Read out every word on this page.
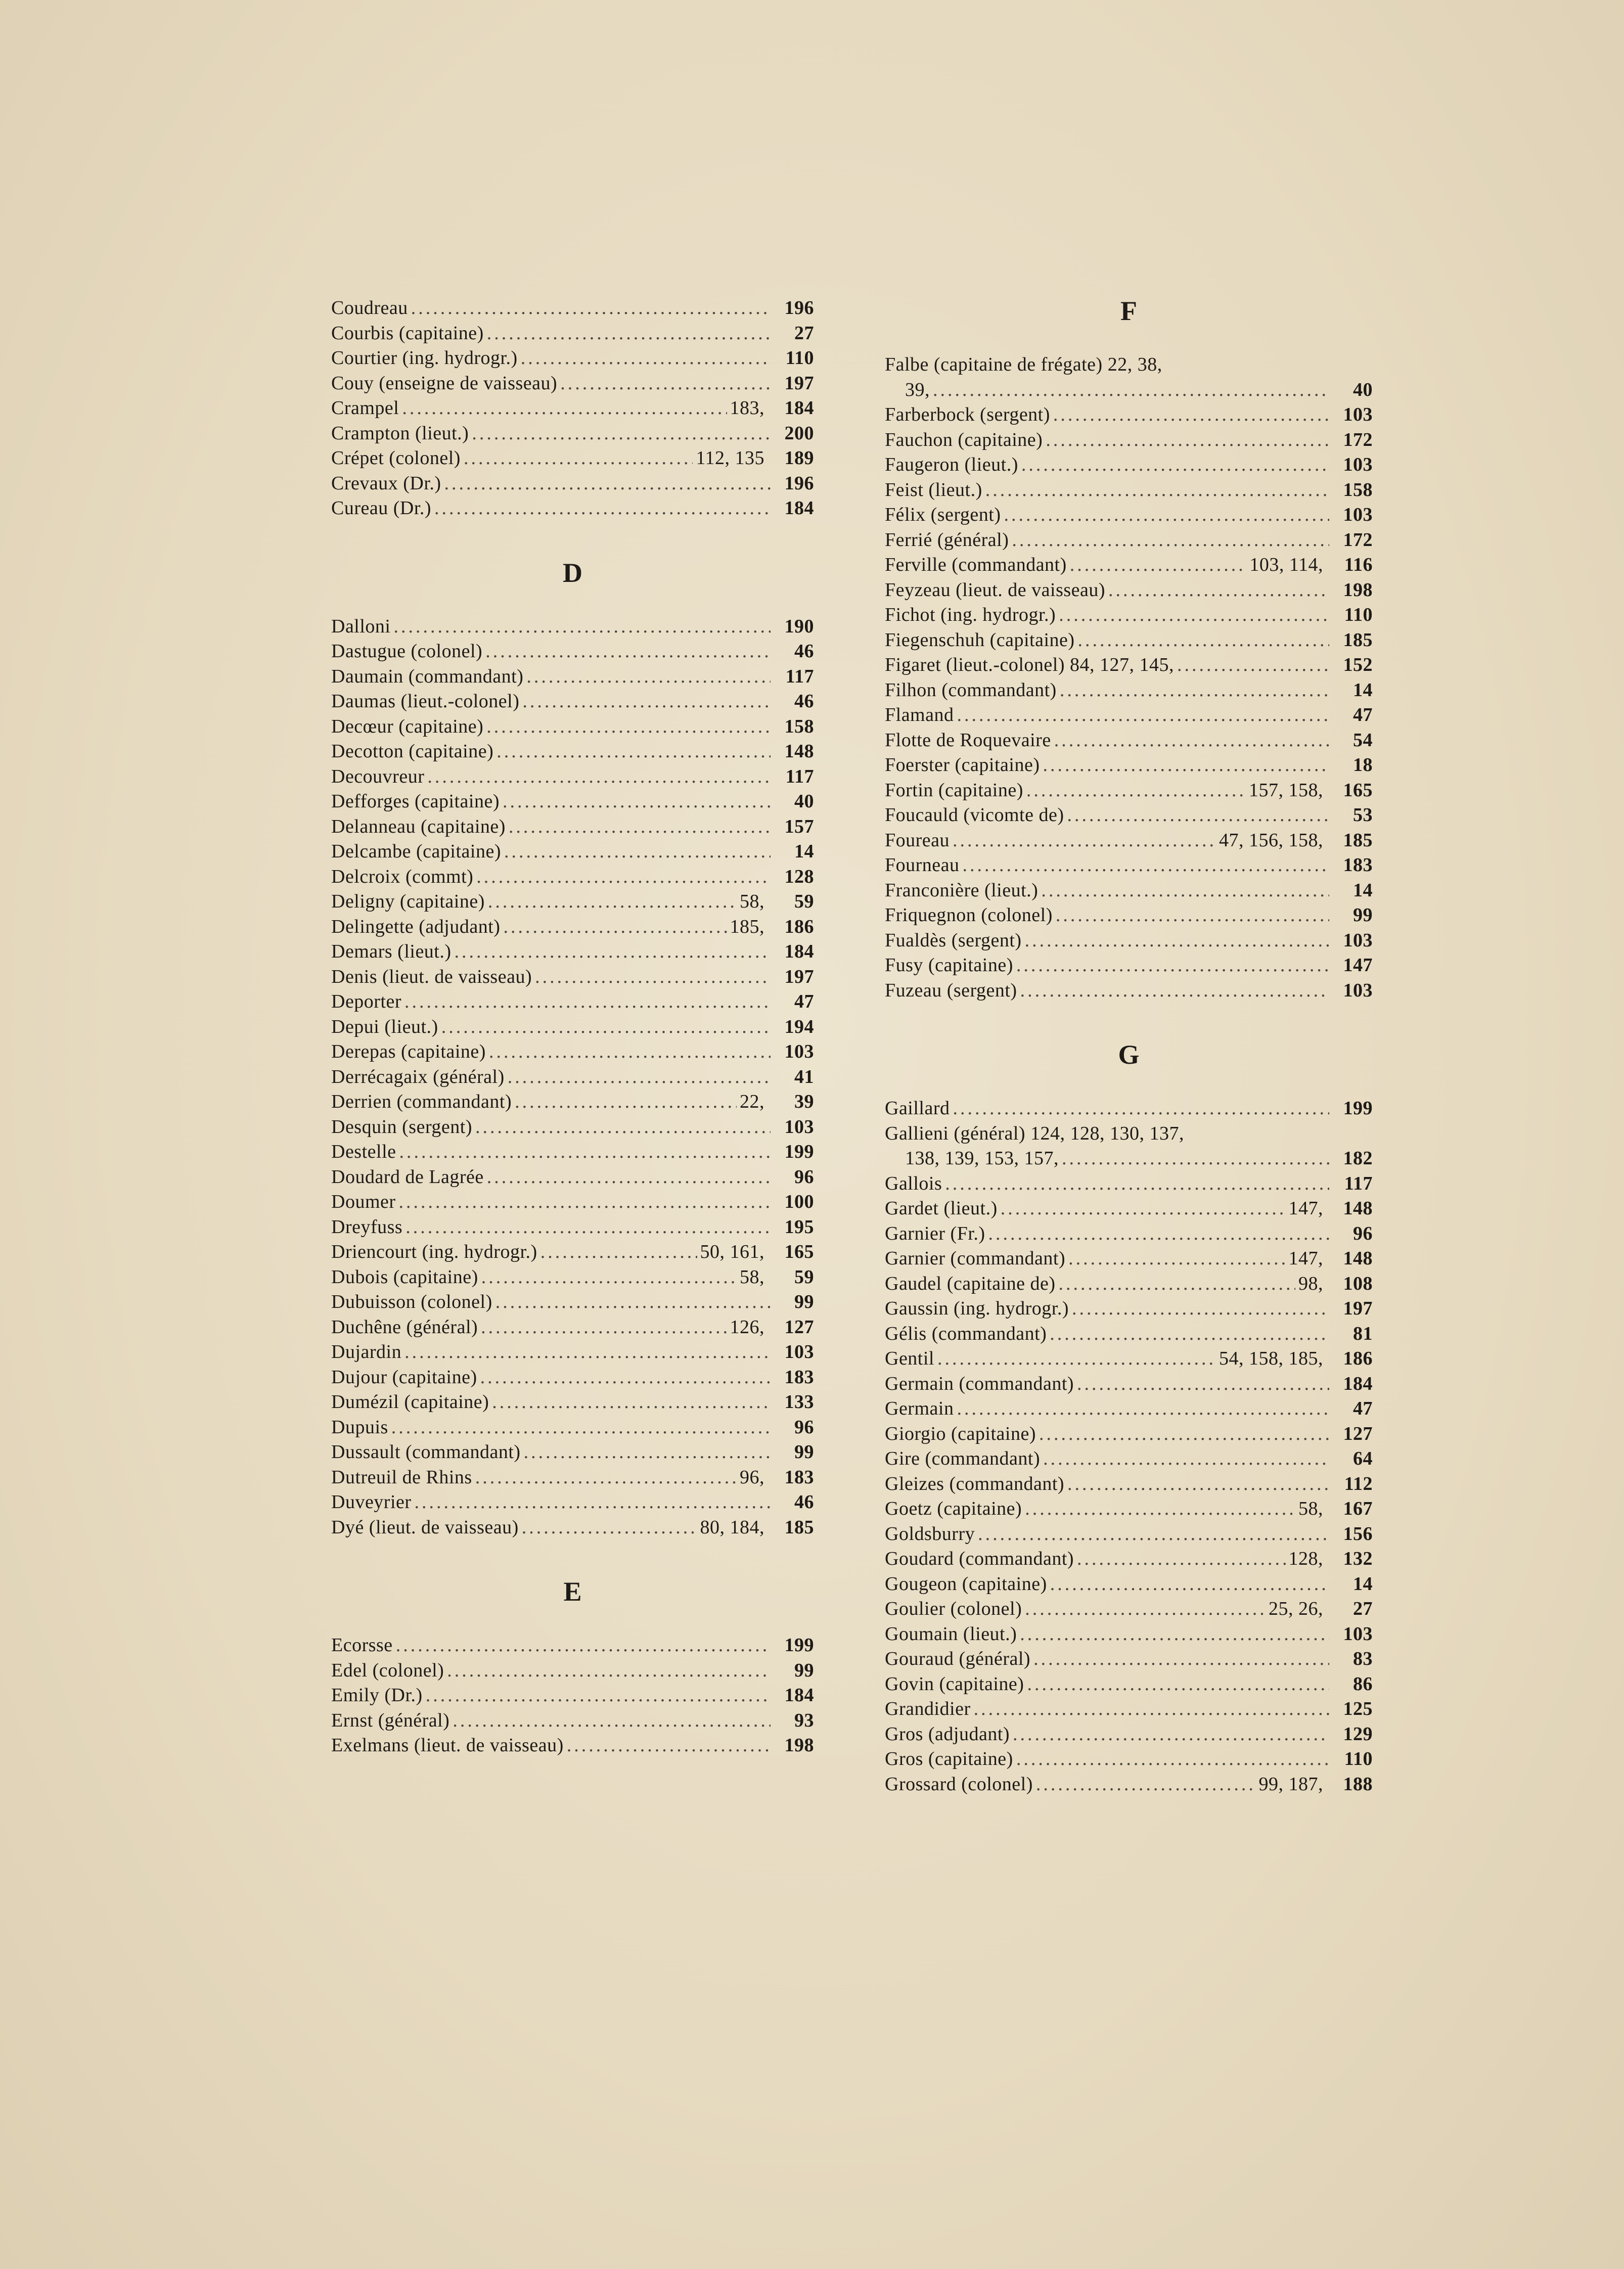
Coudreau .....	196
Courbis (capitaine) .....	27
Courtier (ing. hydrogr.) .....	110
Couy (enseigne de vaisseau) .....	197
Crampel .....	183,	184
Crampton (lieut.) .....	200
Crépet (colonel) .....	112, 135	189
Crevaux (Dr.) .....	196
Cureau (Dr.) .....	184
D
Dalloni .....	190
Dastugue (colonel) .....	46
Daumain (commandant) .....	117
Daumas (lieut.-colonel) .....	46
Decœur (capitaine) .....	158
Decotton (capitaine) .....	148
Decouvreur .....	117
Defforges (capitaine) .....	40
Delanneau (capitaine) .....	157
Delcambe (capitaine) .....	14
Delcroix (commt) .....	128
Deligny (capitaine) .....	58,	59
Delingette (adjudant) .....	185,	186
Demars (lieut.) .....	184
Denis (lieut. de vaisseau) .....	197
Deporter .....	47
Depui (lieut.) .....	194
Derepas (capitaine) .....	103
Derrécagaix (général) .....	41
Derrien (commandant) .....	22,	39
Desquin (sergent) .....	103
Destelle .....	199
Doudard de Lagrée .....	96
Doumer .....	100
Dreyfuss .....	195
Driencourt (ing. hydrogr.) .....	50, 161,	165
Dubois (capitaine) .....	58,	59
Dubuisson (colonel) .....	99
Duchêne (général) .....	126,	127
Dujardin .....	103
Dujour (capitaine) .....	183
Dumézil (capitaine) .....	133
Dupuis .....	96
Dussault (commandant) .....	99
Dutreuil de Rhins .....	96,	183
Duveyrier .....	46
Dyé (lieut. de vaisseau) .....	80, 184,	185
E
Ecorsse .....	199
Edel (colonel) .....	99
Emily (Dr.) .....	184
Ernst (général) .....	93
Exelmans (lieut. de vaisseau) .....	198
F
Falbe (capitaine de frégate) 22, 38,
39, .....	40
Farberbock (sergent) .....	103
Fauchon (capitaine) .....	172
Faugeron (lieut.) .....	103
Feist (lieut.) .....	158
Félix (sergent) .....	103
Ferrié (général) .....	172
Ferville (commandant) .....	103, 114,	116
Feyzeau (lieut. de vaisseau) .....	198
Fichot (ing. hydrogr.) .....	110
Fiegenschuh (capitaine) .....	185
Figaret (lieut.-colonel) 84, 127, 145, .....	152
Filhon (commandant) .....	14
Flamand .....	47
Flotte de Roquevaire .....	54
Foerster (capitaine) .....	18
Fortin (capitaine) .....	157, 158,	165
Foucauld (vicomte de) .....	53
Foureau .....	47, 156, 158,	185
Fourneau .....	183
Franconière (lieut.) .....	14
Friquegnon (colonel) .....	99
Fualdès (sergent) .....	103
Fusy (capitaine) .....	147
Fuzeau (sergent) .....	103
G
Gaillard .....	199
Gallieni (général) 124, 128, 130, 137,
138, 139, 153, 157, .....	182
Gallois .....	117
Gardet (lieut.) .....	147,	148
Garnier (Fr.) .....	96
Garnier (commandant) .....	147,	148
Gaudel (capitaine de) .....	98,	108
Gaussin (ing. hydrogr.) .....	197
Gélis (commandant) .....	81
Gentil .....	54, 158, 185,	186
Germain (commandant) .....	184
Germain .....	47
Giorgio (capitaine) .....	127
Gire (commandant) .....	64
Gleizes (commandant) .....	112
Goetz (capitaine) .....	58,	167
Goldsburry .....	156
Goudard (commandant) .....	128,	132
Gougeon (capitaine) .....	14
Goulier (colonel) .....	25, 26,	27
Goumain (lieut.) .....	103
Gouraud (général) .....	83
Govin (capitaine) .....	86
Grandidier .....	125
Gros (adjudant) .....	129
Gros (capitaine) .....	110
Grossard (colonel) .....	99, 187,	188
